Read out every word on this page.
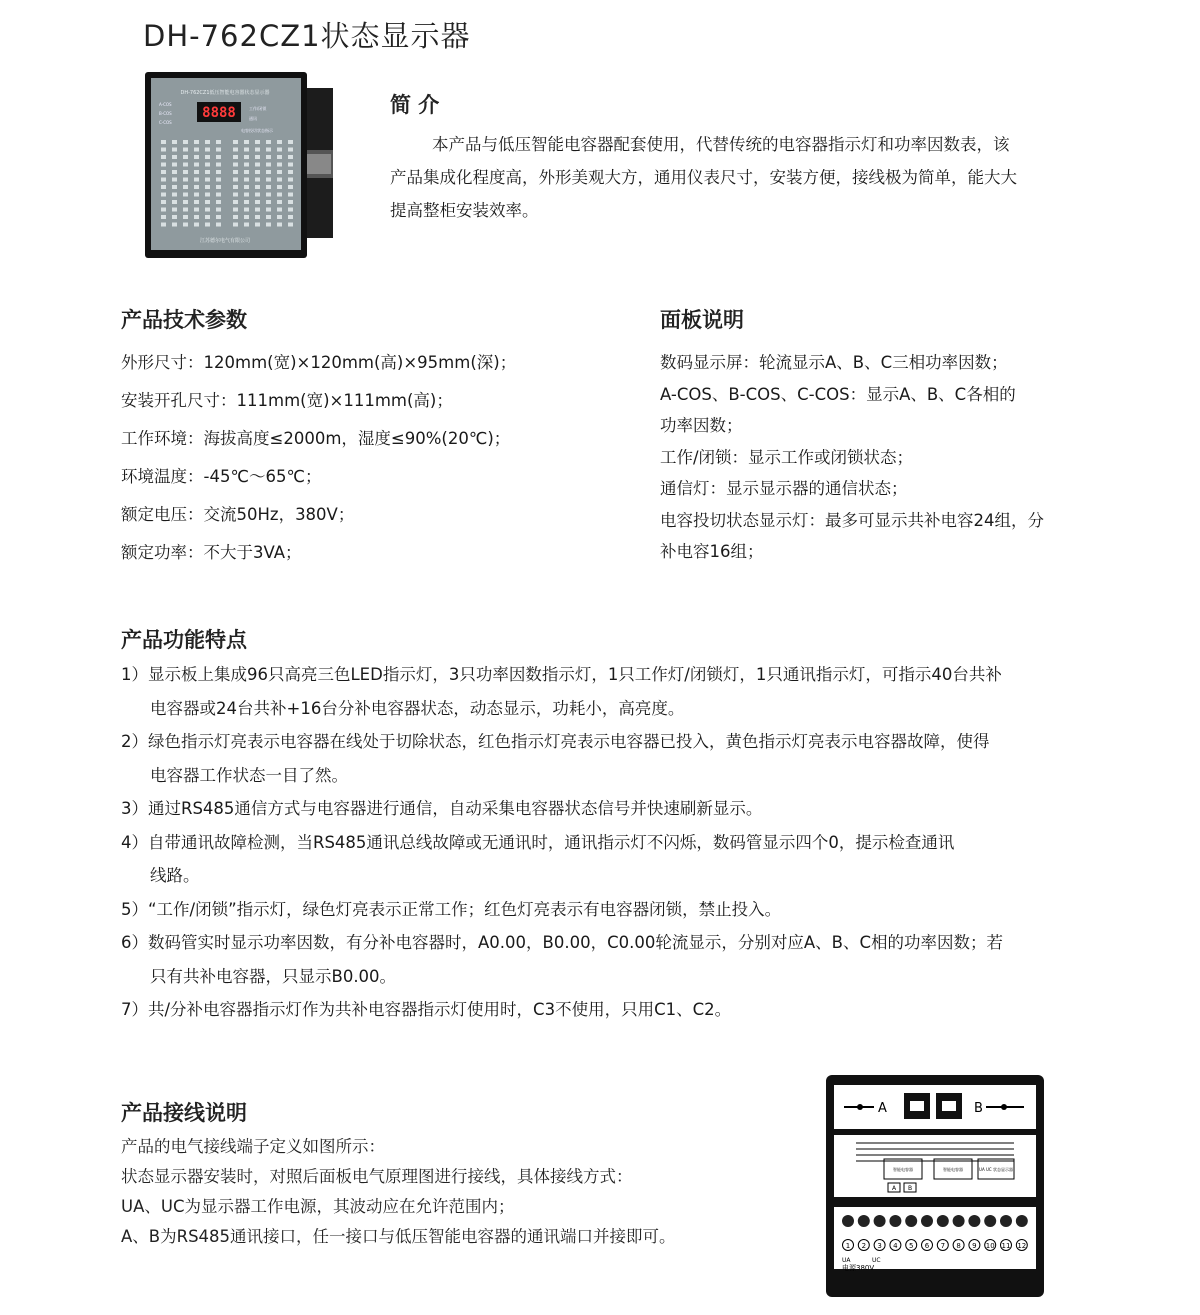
DH-762CZ1状态显示器
DH-762CZ1低压智能电容器状态显示器
A-COS
B-COS
C-COS
8888	工作/闭锁
通讯
电容投切状态指示
江苏德尔电气有限公司
简 介

本产品与低压智能电容器配套使用，代替传统的电容器指示灯和功率因数表，该

产品集成化程度高，外形美观大方，通用仪表尺寸，安装方便，接线极为简单，能大大

提高整柜安装效率。

产品技术参数
外形尺寸：120mm(宽)×120mm(高)×95mm(深)；
安装开孔尺寸：111mm(宽)×111mm(高)；
工作环境：海拔高度≤2000m，湿度≤90%(20℃)；
环境温度：-45℃～65℃；
额定电压：交流50Hz，380V；
额定功率：不大于3VA；
面板说明
数码显示屏：轮流显示A、B、C三相功率因数；
A-COS、B-COS、C-COS：显示A、B、C各相的
功率因数；
工作/闭锁：显示工作或闭锁状态；
通信灯：显示显示器的通信状态；
电容投切状态显示灯：最多可显示共补电容24组，分
补电容16组；
产品功能特点
1）显示板上集成96只高亮三色LED指示灯，3只功率因数指示灯，1只工作灯/闭锁灯，1只通讯指示灯，可指示40台共补
电容器或24台共补+16台分补电容器状态，动态显示，功耗小，高亮度。
2）绿色指示灯亮表示电容器在线处于切除状态，红色指示灯亮表示电容器已投入，黄色指示灯亮表示电容器故障，使得
电容器工作状态一目了然。
3）通过RS485通信方式与电容器进行通信，自动采集电容器状态信号并快速刷新显示。
4）自带通讯故障检测，当RS485通讯总线故障或无通讯时，通讯指示灯不闪烁，数码管显示四个0，提示检查通讯
线路。
5）“工作/闭锁”指示灯，绿色灯亮表示正常工作；红色灯亮表示有电容器闭锁，禁止投入。
6）数码管实时显示功率因数，有分补电容器时，A0.00，B0.00，C0.00轮流显示，分别对应A、B、C相的功率因数；若
只有共补电容器，只显示B0.00。
7）共/分补电容器指示灯作为共补电容器指示灯使用时，C3不使用，只用C1、C2。
产品接线说明
产品的电气接线端子定义如图所示：
状态显示器安装时，对照后面板电气原理图进行接线，具体接线方式：
UA、UC为显示器工作电源，其波动应在允许范围内；
A、B为RS485通讯接口，任一接口与低压智能电容器的通讯端口并接即可。
A	B
智能电容器	智能电容器	UA UC 状态显示器
A B
1 2 3 4 5 6 7 8 9 10 11 12
UA	UC
电源380V
